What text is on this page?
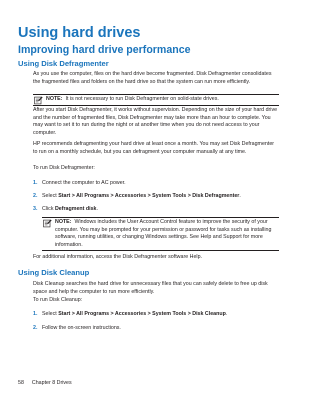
Using hard drives
Improving hard drive performance
Using Disk Defragmenter

As you use the computer, files on the hard drive become fragmented. Disk Defragmenter consolidates the fragmented files and folders on the hard drive so that the system can run more efficiently.

NOTE: It is not necessary to run Disk Defragmenter on solid-state drives.

After you start Disk Defragmenter, it works without supervision. Depending on the size of your hard drive and the number of fragmented files, Disk Defragmenter may take more than an hour to complete. You may want to set it to run during the night or at another time when you do not need access to your computer.

HP recommends defragmenting your hard drive at least once a month. You may set Disk Defragmenter to run on a monthly schedule, but you can defragment your computer manually at any time.

To run Disk Defragmenter:

1. Connect the computer to AC power.
2. Select Start > All Programs > Accessories > System Tools > Disk Defragmenter.
3. Click Defragment disk.
NOTE: Windows includes the User Account Control feature to improve the security of your computer. You may be prompted for your permission or password for tasks such as installing software, running utilities, or changing Windows settings. See Help and Support for more information.

For additional information, access the Disk Defragmenter software Help.

Using Disk Cleanup

Disk Cleanup searches the hard drive for unnecessary files that you can safely delete to free up disk space and help the computer to run more efficiently.

To run Disk Cleanup:

1. Select Start > All Programs > Accessories > System Tools > Disk Cleanup.
2. Follow the on-screen instructions.
58 Chapter 8 Drives
